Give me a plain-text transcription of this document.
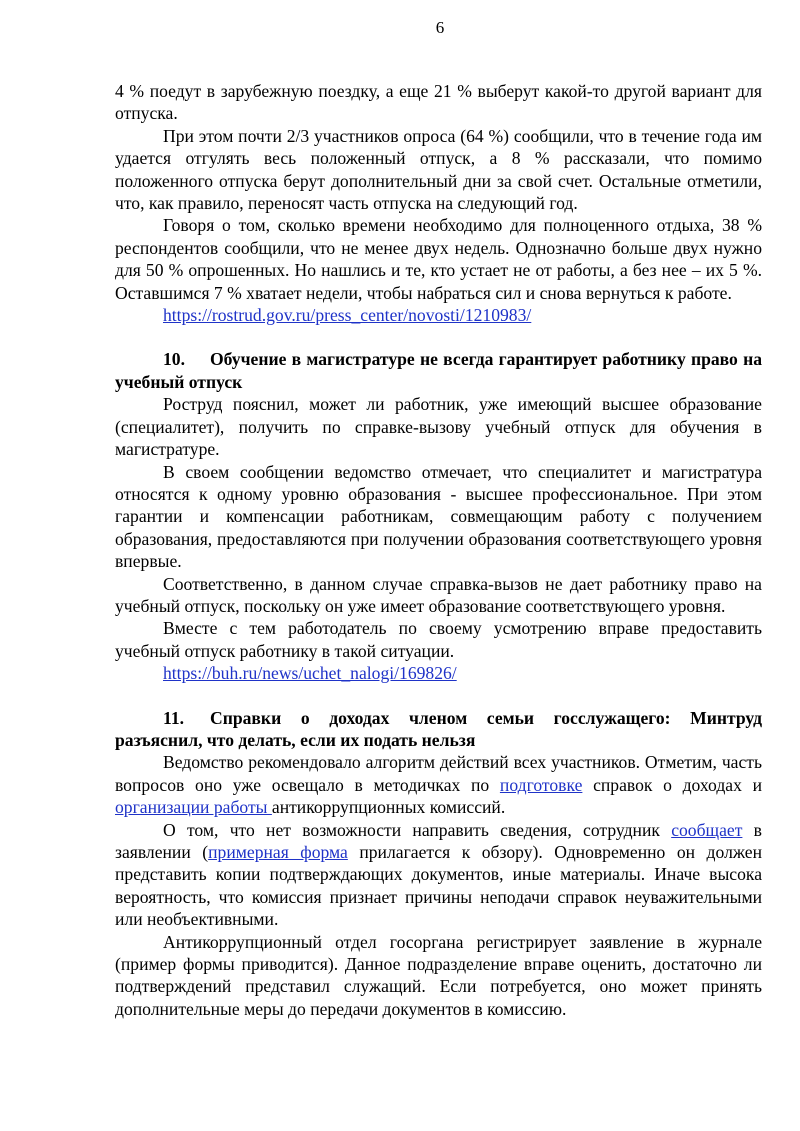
6

4 % поедут в зарубежную поездку, а еще 21 % выберут какой-то другой вариант для отпуска.

При этом почти 2/3 участников опроса (64 %) сообщили, что в течение года им удается отгулять весь положенный отпуск, а 8 % рассказали, что помимо положенного отпуска берут дополнительный дни за свой счет. Остальные отметили, что, как правило, переносят часть отпуска на следующий год.

Говоря о том, сколько времени необходимо для полноценного отдыха, 38 % респондентов сообщили, что не менее двух недель. Однозначно больше двух нужно для 50 % опрошенных. Но нашлись и те, кто устает не от работы, а без нее – их 5 %. Оставшимся 7 % хватает недели, чтобы набраться сил и снова вернуться к работе.

https://rostrud.gov.ru/press_center/novosti/1210983/

10. Обучение в магистратуре не всегда гарантирует работнику право на учебный отпуск

Роструд пояснил, может ли работник, уже имеющий высшее образование (специалитет), получить по справке-вызову учебный отпуск для обучения в магистратуре.

В своем сообщении ведомство отмечает, что специалитет и магистратура относятся к одному уровню образования - высшее профессиональное. При этом гарантии и компенсации работникам, совмещающим работу с получением образования, предоставляются при получении образования соответствующего уровня впервые.

Соответственно, в данном случае справка-вызов не дает работнику право на учебный отпуск, поскольку он уже имеет образование соответствующего уровня.

Вместе с тем работодатель по своему усмотрению вправе предоставить учебный отпуск работнику в такой ситуации.

https://buh.ru/news/uchet_nalogi/169826/

11. Справки о доходах членом семьи госслужащего: Минтруд разъяснил, что делать, если их подать нельзя

Ведомство рекомендовало алгоритм действий всех участников. Отметим, часть вопросов оно уже освещало в методичках по подготовке справок о доходах и организации работы антикоррупционных комиссий.

О том, что нет возможности направить сведения, сотрудник сообщает в заявлении (примерная форма прилагается к обзору). Одновременно он должен представить копии подтверждающих документов, иные материалы. Иначе высока вероятность, что комиссия признает причины неподачи справок неуважительными или необъективными.

Антикоррупционный отдел госоргана регистрирует заявление в журнале (пример формы приводится). Данное подразделение вправе оценить, достаточно ли подтверждений представил служащий. Если потребуется, оно может принять дополнительные меры до передачи документов в комиссию.
